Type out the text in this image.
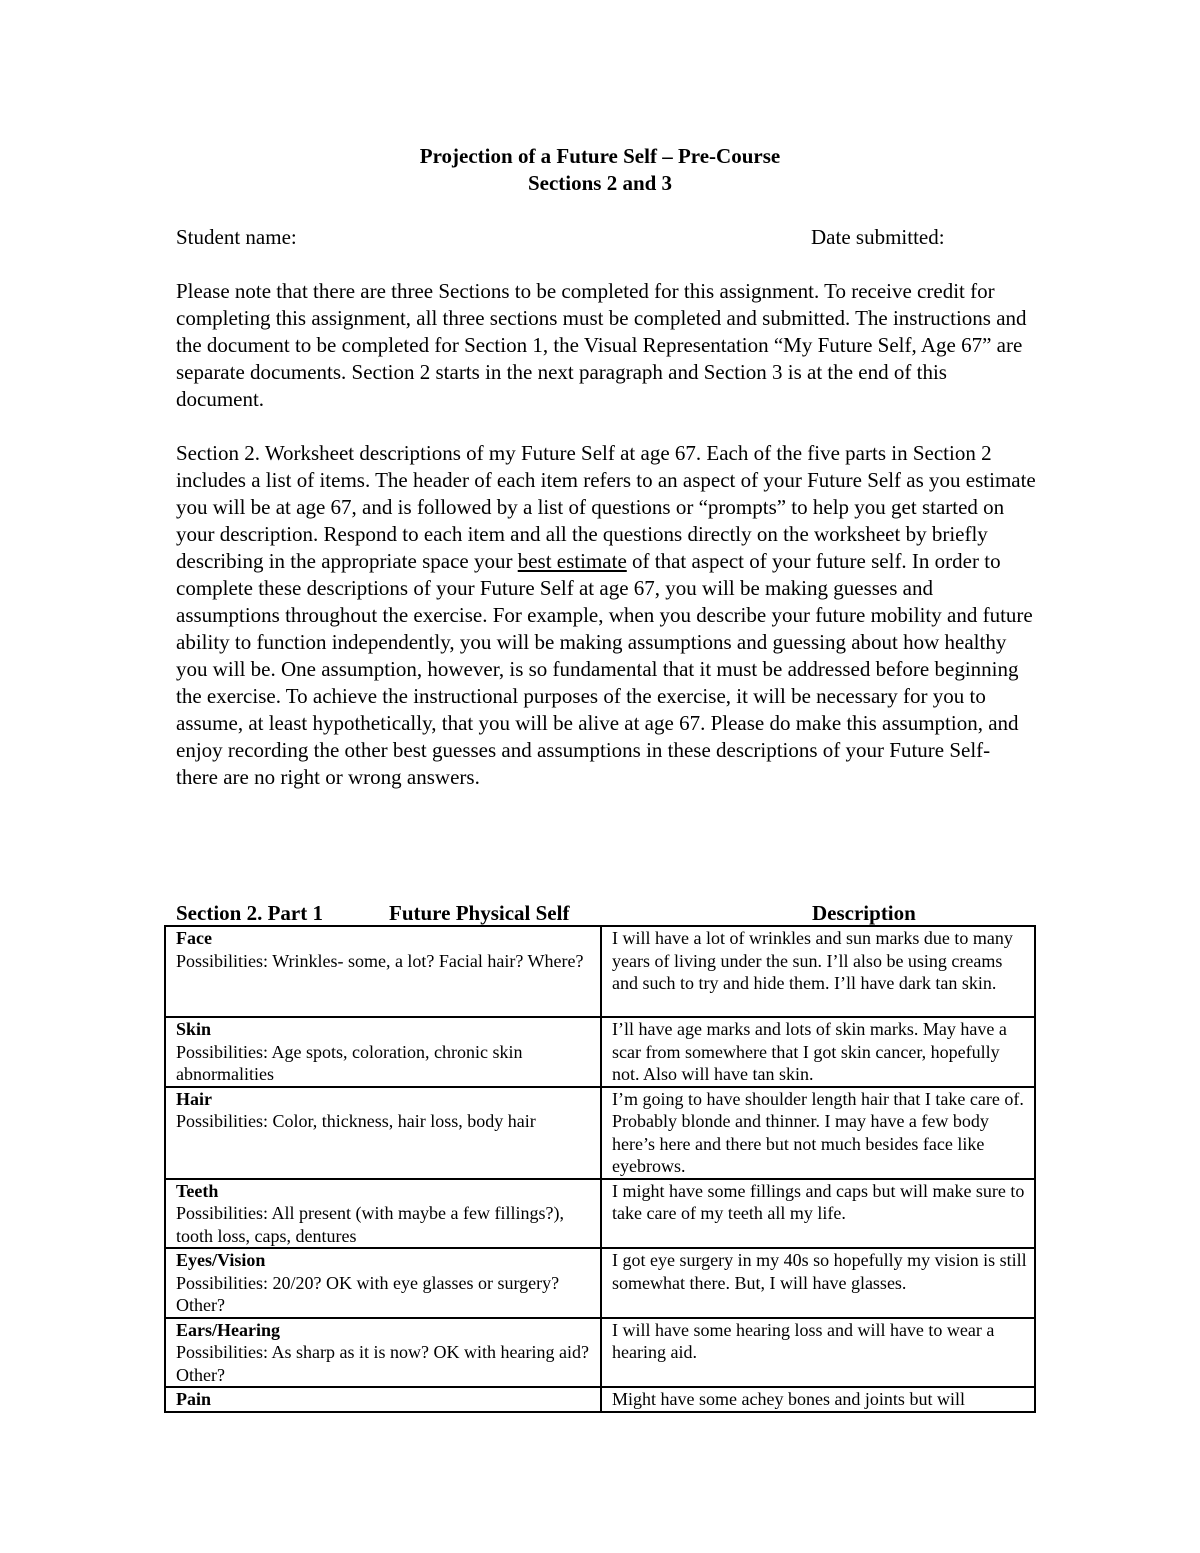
Projection of a Future Self – Pre-Course
Sections 2 and 3
Student name:	Date submitted:

Please note that there are three Sections to be completed for this assignment. To receive credit for completing this assignment, all three sections must be completed and submitted. The instructions and the document to be completed for Section 1, the Visual Representation “My Future Self, Age 67” are separate documents. Section 2 starts in the next paragraph and Section 3 is at the end of this document.

Section 2. Worksheet descriptions of my Future Self at age 67. Each of the five parts in Section 2 includes a list of items. The header of each item refers to an aspect of your Future Self as you estimate you will be at age 67, and is followed by a list of questions or “prompts” to help you get started on your description. Respond to each item and all the questions directly on the worksheet by briefly describing in the appropriate space your best estimate of that aspect of your future self. In order to complete these descriptions of your Future Self at age 67, you will be making guesses and assumptions throughout the exercise. For example, when you describe your future mobility and future ability to function independently, you will be making assumptions and guessing about how healthy you will be. One assumption, however, is so fundamental that it must be addressed before beginning the exercise. To achieve the instructional purposes of the exercise, it will be necessary for you to assume, at least hypothetically, that you will be alive at age 67. Please do make this assumption, and enjoy recording the other best guesses and assumptions in these descriptions of your Future Self- there are no right or wrong answers.

Section 2. Part 1	Future Physical Self	Description
Face
Possibilities: Wrinkles- some, a lot? Facial hair? Where?	I will have a lot of wrinkles and sun marks due to many years of living under the sun. I’ll also be using creams and such to try and hide them. I’ll have dark tan skin.

Skin
Possibilities: Age spots, coloration, chronic skin abnormalities	I’ll have age marks and lots of skin marks. May have a scar from somewhere that I got skin cancer, hopefully not. Also will have tan skin.

Hair
Possibilities: Color, thickness, hair loss, body hair	I’m going to have shoulder length hair that I take care of. Probably blonde and thinner. I may have a few body here’s here and there but not much besides face like eyebrows.

Teeth
Possibilities: All present (with maybe a few fillings?), tooth loss, caps, dentures	I might have some fillings and caps but will make sure to take care of my teeth all my life.

Eyes/Vision
Possibilities: 20/20? OK with eye glasses or surgery? Other?	I got eye surgery in my 40s so hopefully my vision is still somewhat there. But, I will have glasses.

Ears/Hearing
Possibilities: As sharp as it is now? OK with hearing aid? Other?	I will have some hearing loss and will have to wear a hearing aid.

Pain	Might have some achey bones and joints but will
